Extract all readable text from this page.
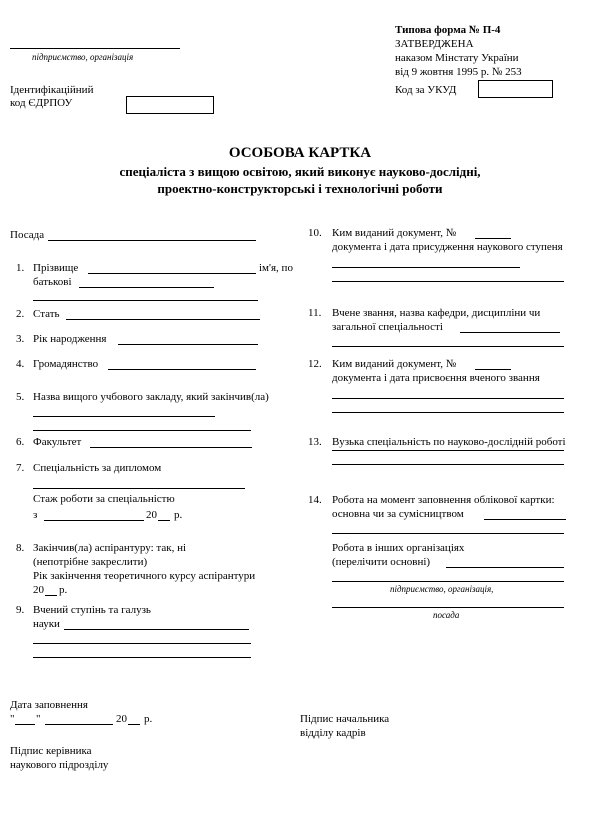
підприємство, організація
Типова форма № П-4
ЗАТВЕРДЖЕНА
наказом Мінстату України
від 9 жовтня 1995 р. № 253
Код за УКУД
Ідентифікаційний
код ЄДРПОУ
ОСОБОВА КАРТКА
спеціаліста з вищою освітою, який виконує науково-дослідні,
проектно-конструкторські і технологічні роботи
Посада
1. Прізвище	ім'я, по
батькові
2. Стать
3. Рік народження
4. Громадянство
5. Назва вищого учбового закладу, який закінчив(ла)
6. Факультет
7. Спеціальність за дипломом
Стаж роботи за спеціальністю
з	20 р.
8. Закінчив(ла) аспірантуру: так, ні
(непотрібне закреслити)
Рік закінчення теоретичного курсу аспірантури
20 р.
9. Вчений ступінь та галузь
науки
10. Ким виданий документ, №
документа і дата присудження наукового ступеня
11. Вчене звання, назва кафедри, дисципліни чи
загальної спеціальності
12. Ким виданий документ, №
документа і дата присвоєння вченого звання
13. Вузька спеціальність по науково-дослідній роботі
14. Робота на момент заповнення облікової картки:
основна чи за сумісництвом
Робота в інших організаціях
(перелічити основні)
підприємство, організація,
посада
Дата заповнення
" "	20 р.	Підпис начальника
відділу кадрів
Підпис керівника
наукового підрозділу
